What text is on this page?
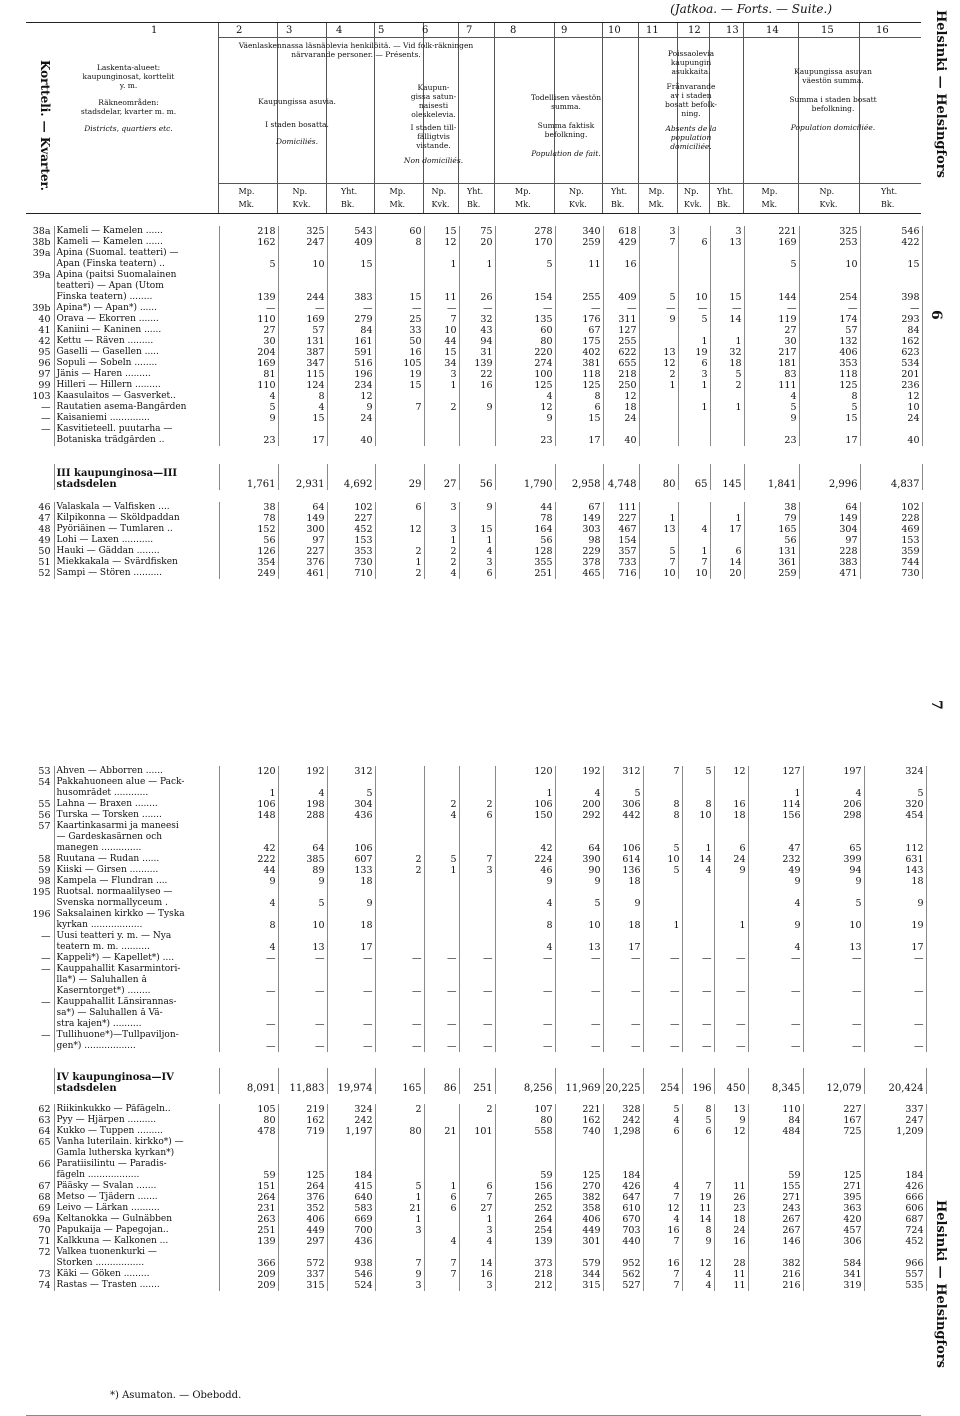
(Jatkoa. — Forts. — Suite.)
Kortteli. — Kvarter.	Helsinki — Helsingfors
Helsinki — Helsingfors
6
7
1	2	3	4	5	6	7	8	9	10	11	12	13	14	15	16
Laskenta-alueet:
kaupunginosat, korttelit
y. m.
Räkneområden:
stadsdelar, kvarter m. m.
Districts, quartiers etc.
Väenlaskennassa läsnäolevia henkilöitä. — Vid folk-räkningen närvarande personer. — Présents.
Kaupungissa asuvia.
I staden bosatta.
Domiciliés.
Kaupun-
gissa satun-
naisesti
oleskelevia.
I staden till-
fälligtvis
vistande.
Non domiciliés.
Todellisen väestön
summa.
Summa faktisk
befolkning.
Population de fait.
Poissaolevia
kaupungin
asukkaita.
Frånvarande
av i staden
bosatt befolk-
ning.
Absents de la
population
domiciliée.
Kaupungissa asuvan
väestön summa.
Summa i staden bosatt
befolkning.
Population domiciliée.
Mp.
Mk.
Np.
Kvk.
Yht.
Bk.
Mp.
Mk.
Np.
Kvk.
Yht.
Bk.
Mp.
Mk.
Np.
Kvk.
Yht.
Bk.
Mp.
Mk.
Np.
Kvk.
Yht.
Bk.
Mp.
Mk.
Np.
Kvk.
Yht.
Bk.
38a	Kameli — Kamelen ......	218	325	543	60	15	75	278	340	618	3		3	221	325	546
38b	Kameli — Kamelen ......	162	247	409	8	12	20	170	259	429	7	6	13	169	253	422
39a	Apina (Suomal. teatteri) —															
	Apan (Finska teatern) ..	5	10	15		1	1	5	11	16				5	10	15
39a	Apina (paitsi Suomalainen															
	teatteri) — Apan (Utom															
	Finska teatern) ........	139	244	383	15	11	26	154	255	409	5	10	15	144	254	398
39b	Apina*) — Apan*) ......	—	—	—	—	—	—	—	—	—	—	—	—	—	—	—
40	Orava — Ekorren .......	110	169	279	25	7	32	135	176	311	9	5	14	119	174	293
41	Kaniini — Kaninen ......	27	57	84	33	10	43	60	67	127				27	57	84
42	Kettu — Räven .........	30	131	161	50	44	94	80	175	255		1	1	30	132	162
95	Gaselli — Gasellen .....	204	387	591	16	15	31	220	402	622	13	19	32	217	406	623
96	Sopuli — Sobeln ........	169	347	516	105	34	139	274	381	655	12	6	18	181	353	534
97	Jänis — Haren .........	81	115	196	19	3	22	100	118	218	2	3	5	83	118	201
99	Hilleri — Hillern .........	110	124	234	15	1	16	125	125	250	1	1	2	111	125	236
103	Kaasulaitos — Gasverket..	4	8	12				4	8	12				4	8	12
—	Rautatien asema-Bangården	5	4	9	7	2	9	12	6	18		1	1	5	5	10
—	Kaisaniemi ..............	9	15	24				9	15	24				9	15	24
—	Kasvitieteell. puutarha —															
	Botaniska trädgården ..	23	17	40				23	17	40				23	17	40

	III kaupunginosa—III stadsdelen	1,761	2,931	4,692	29	27	56	1,790	2,958	4,748	80	65	145	1,841	2,996	4,837

46	Valaskala — Valfisken ....	38	64	102	6	3	9	44	67	111				38	64	102
47	Kilpikonna — Sköldpaddan	78	149	227				78	149	227	1		1	79	149	228
48	Pyöriäinen — Tumlaren ..	152	300	452	12	3	15	164	303	467	13	4	17	165	304	469
49	Lohi — Laxen ...........	56	97	153		1	1	56	98	154				56	97	153
50	Hauki — Gäddan ........	126	227	353	2	2	4	128	229	357	5	1	6	131	228	359
51	Miekkakala — Svärdfisken	354	376	730	1	2	3	355	378	733	7	7	14	361	383	744
52	Sampi — Stören ..........	249	461	710	2	4	6	251	465	716	10	10	20	259	471	730
53	Ahven — Abborren ......	120	192	312				120	192	312	7	5	12	127	197	324
54	Pakkahuoneen alue — Pack-															
	husområdet ............	1	4	5				1	4	5				1	4	5
55	Lahna — Braxen ........	106	198	304		2	2	106	200	306	8	8	16	114	206	320
56	Turska — Torsken .......	148	288	436		4	6	150	292	442	8	10	18	156	298	454
57	Kaartinkasarmi ja maneesi															
	— Gardeskasärnen och															
	manegen ..............	42	64	106				42	64	106	5	1	6	47	65	112
58	Ruutana — Rudan ......	222	385	607	2	5	7	224	390	614	10	14	24	232	399	631
59	Kiiski — Girsen ..........	44	89	133	2	1	3	46	90	136	5	4	9	49	94	143
98	Kampela — Flundran ....	9	9	18				9	9	18				9	9	18
195	Ruotsal. normaalilyseo —															
	Svenska normallyceum .	4	5	9				4	5	9				4	5	9
196	Saksalainen kirkko — Tyska															
	kyrkan ..................	8	10	18				8	10	18	1		1	9	10	19
—	Uusi teatteri y. m. — Nya															
	teatern m. m. ..........	4	13	17				4	13	17				4	13	17
—	Kappeli*) — Kapellet*) ....	—	—	—	—	—	—	—	—	—	—	—	—	—	—	—
—	Kauppahallit Kasarmintori-															
	lla*) — Saluhallen å															
	Kaserntorget*) ........	—	—	—	—	—	—	—	—	—	—	—	—	—	—	—
—	Kauppahallit Länsirannas-															
	sa*) — Saluhallen å Vä-															
	stra kajen*) ..........	—	—	—	—	—	—	—	—	—	—	—	—	—	—	—
—	Tullihuone*)—Tullpaviljon-															
	gen*) ..................	—	—	—	—	—	—	—	—	—	—	—	—	—	—	—

	IV kaupunginosa—IV stadsdelen	8,091	11,883	19,974	165	86	251	8,256	11,969	20,225	254	196	450	8,345	12,079	20,424

62	Riikinkukko — Påfågeln..	105	219	324	2		2	107	221	328	5	8	13	110	227	337
63	Pyy — Hjärpen ..........	80	162	242				80	162	242	4	5	9	84	167	247
64	Kukko — Tuppen .........	478	719	1,197	80	21	101	558	740	1,298	6	6	12	484	725	1,209
65	Vanha luterilain. kirkko*) —															
	Gamla lutherska kyrkan*)															
66	Paratiisilintu — Paradis-															
	fågeln ..................	59	125	184				59	125	184				59	125	184
67	Pääsky — Svalan .......	151	264	415	5	1	6	156	270	426	4	7	11	155	271	426
68	Metso — Tjädern .......	264	376	640	1	6	7	265	382	647	7	19	26	271	395	666
69	Leivo — Lärkan ..........	231	352	583	21	6	27	252	358	610	12	11	23	243	363	606
69a	Keltanokka — Gulnäbben	263	406	669	1		1	264	406	670	4	14	18	267	420	687
70	Papukaija — Papegojan..	251	449	700	3		3	254	449	703	16	8	24	267	457	724
71	Kalkkuna — Kalkonen ...	139	297	436		4	4	139	301	440	7	9	16	146	306	452
72	Valkea tuonenkurki —															
	Storken .................	366	572	938	7	7	14	373	579	952	16	12	28	382	584	966
73	Käki — Göken .........	209	337	546	9	7	16	218	344	562	7	4	11	216	341	557
74	Rastas — Trasten .......	209	315	524	3		3	212	315	527	7	4	11	216	319	535
*) Asumaton. — Obebodd.
